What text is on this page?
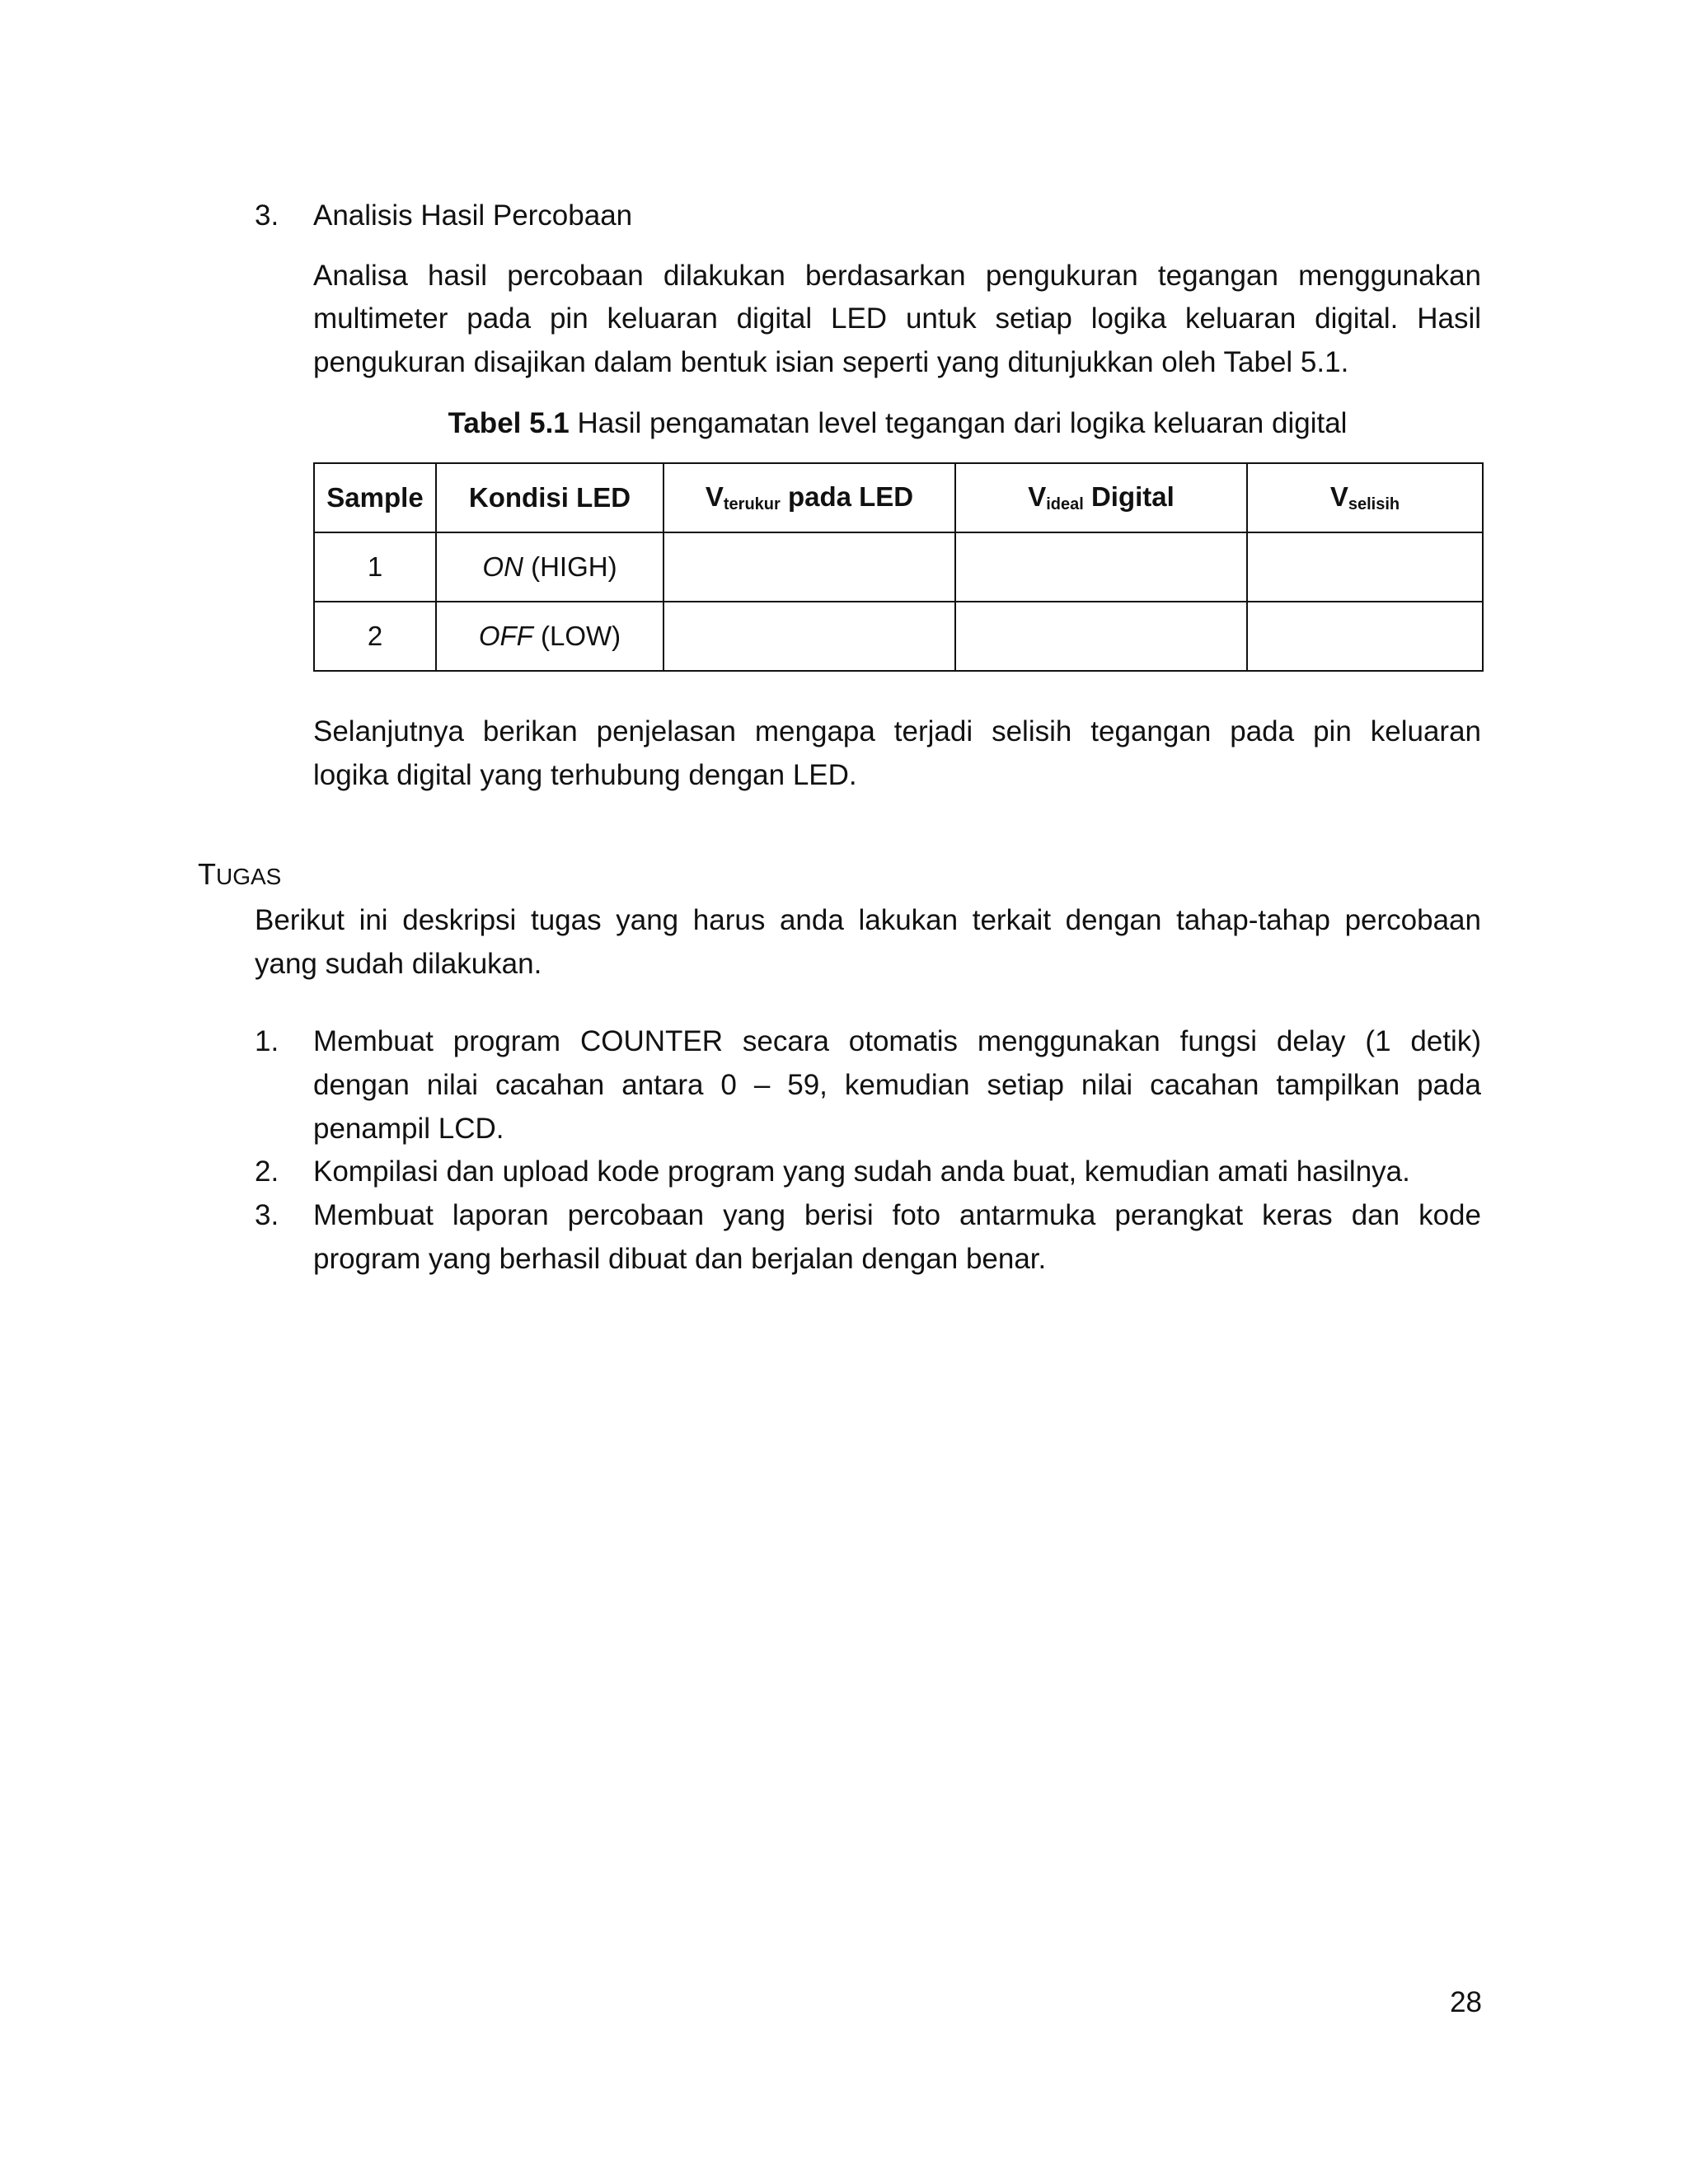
3. Analisis Hasil Percobaan
Analisa hasil percobaan dilakukan berdasarkan pengukuran tegangan menggunakan
multimeter pada pin keluaran digital LED untuk setiap logika keluaran digital. Hasil
pengukuran disajikan dalam bentuk isian seperti yang ditunjukkan oleh Tabel 5.1.
Tabel 5.1 Hasil pengamatan level tegangan dari logika keluaran digital
Sample	Kondisi LED	$V_{terukur}$ pada LED	$V_{ideal}$ Digital	$V_{selisih}$
1	ON (HIGH)			
2	OFF (LOW)			
Selanjutnya berikan penjelasan mengapa terjadi selisih tegangan pada pin keluaran
logika digital yang terhubung dengan LED.
TUGAS
Berikut ini deskripsi tugas yang harus anda lakukan terkait dengan tahap-tahap percobaan
yang sudah dilakukan.
1. Membuat program COUNTER secara otomatis menggunakan fungsi delay (1 detik)
dengan nilai cacahan antara 0 – 59, kemudian setiap nilai cacahan tampilkan pada
penampil LCD.
2. Kompilasi dan upload kode program yang sudah anda buat, kemudian amati hasilnya.
3. Membuat laporan percobaan yang berisi foto antarmuka perangkat keras dan kode
program yang berhasil dibuat dan berjalan dengan benar.
28
